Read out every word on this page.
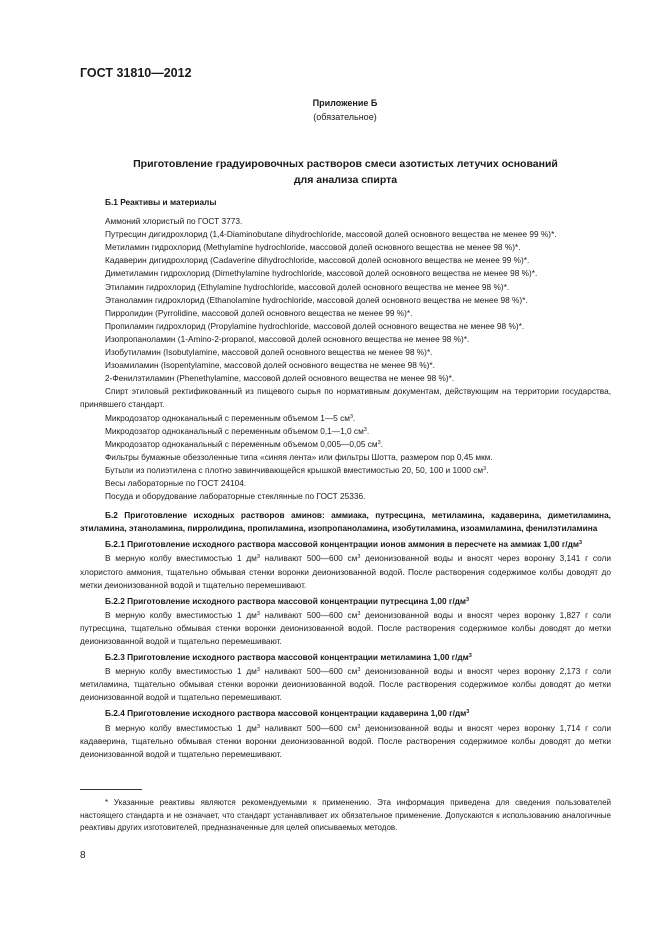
ГОСТ 31810—2012
Приложение Б
(обязательное)
Приготовление градуировочных растворов смеси азотистых летучих оснований
для анализа спирта

Б.1 Реактивы и материалы

Аммоний хлористый по ГОСТ 3773.

Путресцин дигидрохлорид (1,4-Diaminobutane dihydrochloride, массовой долей основного вещества не менее 99 %)*.

Метиламин гидрохлорид (Methylamine hydrochloride, массовой долей основного вещества не менее 98 %)*.

Кадаверин дигидрохлорид (Cadaverine dihydrochloride, массовой долей основного вещества не менее 99 %)*.

Диметиламин гидрохлорид (Dimethylamine hydrochloride, массовой долей основного вещества не менее 98 %)*.

Этиламин гидрохлорид (Ethylamine hydrochloride, массовой долей основного вещества не менее 98 %)*.

Этаноламин гидрохлорид (Ethanolamine hydrochloride, массовой долей основного вещества не менее 98 %)*.

Пирролидин (Pyrrolidine, массовой долей основного вещества не менее 99 %)*.

Пропиламин гидрохлорид (Propylamine hydrochloride, массовой долей основного вещества не менее 98 %)*.

Изопропаноламин (1-Amino-2-propanol, массовой долей основного вещества не менее 98 %)*.

Изобутиламин (Isobutylamine, массовой долей основного вещества не менее 98 %)*.

Изоамиламин (Isopentylamine, массовой долей основного вещества не менее 98 %)*.

2-Фенилэтиламин (Phenethylamine, массовой долей основного вещества не менее 98 %)*.

Спирт этиловый ректификованный из пищевого сырья по нормативным документам, действующим на территории государства, принявшего стандарт.

Микродозатор одноканальный с переменным объемом 1—5 $см^3$.

Микродозатор одноканальный с переменным объемом 0,1—1,0 $см^3$.

Микродозатор одноканальный с переменным объемом 0,005—0,05 $см^3$.

Фильтры бумажные обеззоленные типа «синяя лента» или фильтры Шотта, размером пор 0,45 мкм.

Бутыли из полиэтилена с плотно завинчивающейся крышкой вместимостью 20, 50, 100 и 1000 $см^3$.

Весы лабораторные по ГОСТ 24104.

Посуда и оборудование лабораторные стеклянные по ГОСТ 25336.

Б.2 Приготовление исходных растворов аминов: аммиака, путресцина, метиламина, кадаверина, диметиламина, этиламина, этаноламина, пирролидина, пропиламина, изопропаноламина, изобутиламина, изоамиламина, фенилэтиламина

Б.2.1 Приготовление исходного раствора массовой концентрации ионов аммония в пересчете на аммиак 1,00 $г/дм^3$

В мерную колбу вместимостью 1 $дм^3$ наливают 500—600 $см^3$ деионизованной воды и вносят через воронку 3,141 г соли хлористого аммония, тщательно обмывая стенки воронки деионизованной водой. После растворения содержимое колбы доводят до метки деионизованной водой и тщательно перемешивают.

Б.2.2 Приготовление исходного раствора массовой концентрации путресцина 1,00 $г/дм^3$

В мерную колбу вместимостью 1 $дм^3$ наливают 500—600 $см^3$ деионизованной воды и вносят через воронку 1,827 г соли путресцина, тщательно обмывая стенки воронки деионизованной водой. После растворения содержимое колбы доводят до метки деионизованной водой и тщательно перемешивают.

Б.2.3 Приготовление исходного раствора массовой концентрации метиламина 1,00 $г/дм^3$

В мерную колбу вместимостью 1 $дм^3$ наливают 500—600 $см^3$ деионизованной воды и вносят через воронку 2,173 г соли метиламина, тщательно обмывая стенки воронки деионизованной водой. После растворения содержимое колбы доводят до метки деионизованной водой и тщательно перемешивают.

Б.2.4 Приготовление исходного раствора массовой концентрации кадаверина 1,00 $г/дм^3$

В мерную колбу вместимостью 1 $дм^3$ наливают 500—600 $см^3$ деионизованной воды и вносят через воронку 1,714 г соли кадаверина, тщательно обмывая стенки воронки деионизованной водой. После растворения содержимое колбы доводят до метки деионизованной водой и тщательно перемешивают.

* Указанные реактивы являются рекомендуемыми к применению. Эта информация приведена для сведения пользователей настоящего стандарта и не означает, что стандарт устанавливает их обязательное применение. Допускаются к использованию аналогичные реактивы других изготовителей, предназначенные для целей описываемых методов.

8
